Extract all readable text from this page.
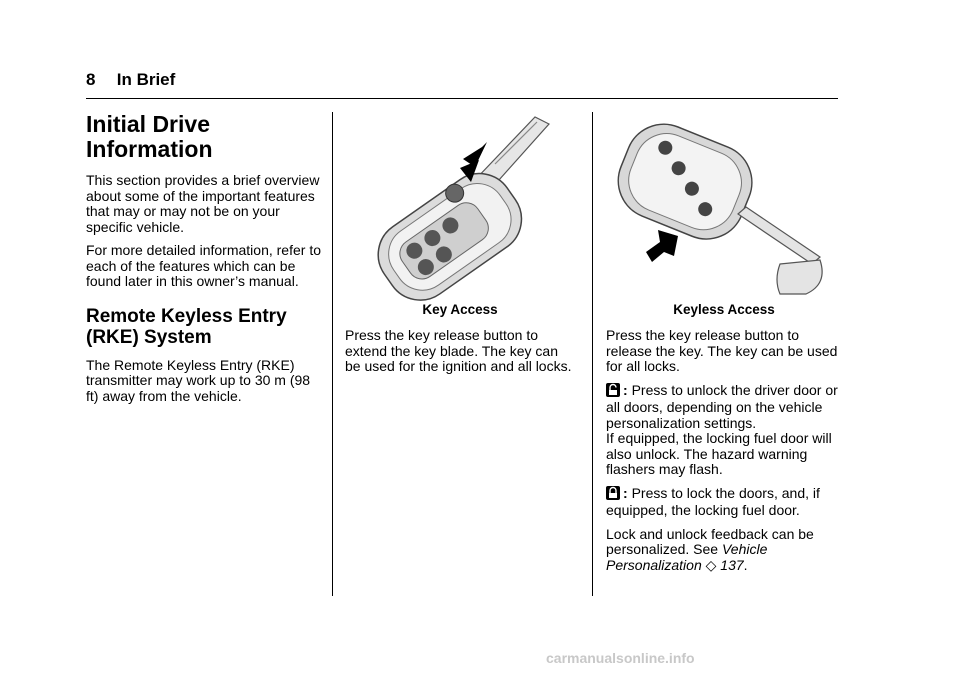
8 In Brief
Initial Drive Information

This section provides a brief overview about some of the important features that may or may not be on your specific vehicle.

For more detailed information, refer to each of the features which can be found later in this owner’s manual.

Remote Keyless Entry (RKE) System

The Remote Keyless Entry (RKE) transmitter may work up to 30 m (98 ft) away from the vehicle.

Key Access

Press the key release button to extend the key blade. The key can be used for the ignition and all locks.

Keyless Access

Press the key release button to release the key. The key can be used for all locks.

: Press to unlock the driver door or all doors, depending on the vehicle personalization settings.

If equipped, the locking fuel door will also unlock. The hazard warning flashers may flash.

: Press to lock the doors, and, if equipped, the locking fuel door.

Lock and unlock feedback can be personalized. See Vehicle Personalization ◇ 137.

carmanualsonline.info
